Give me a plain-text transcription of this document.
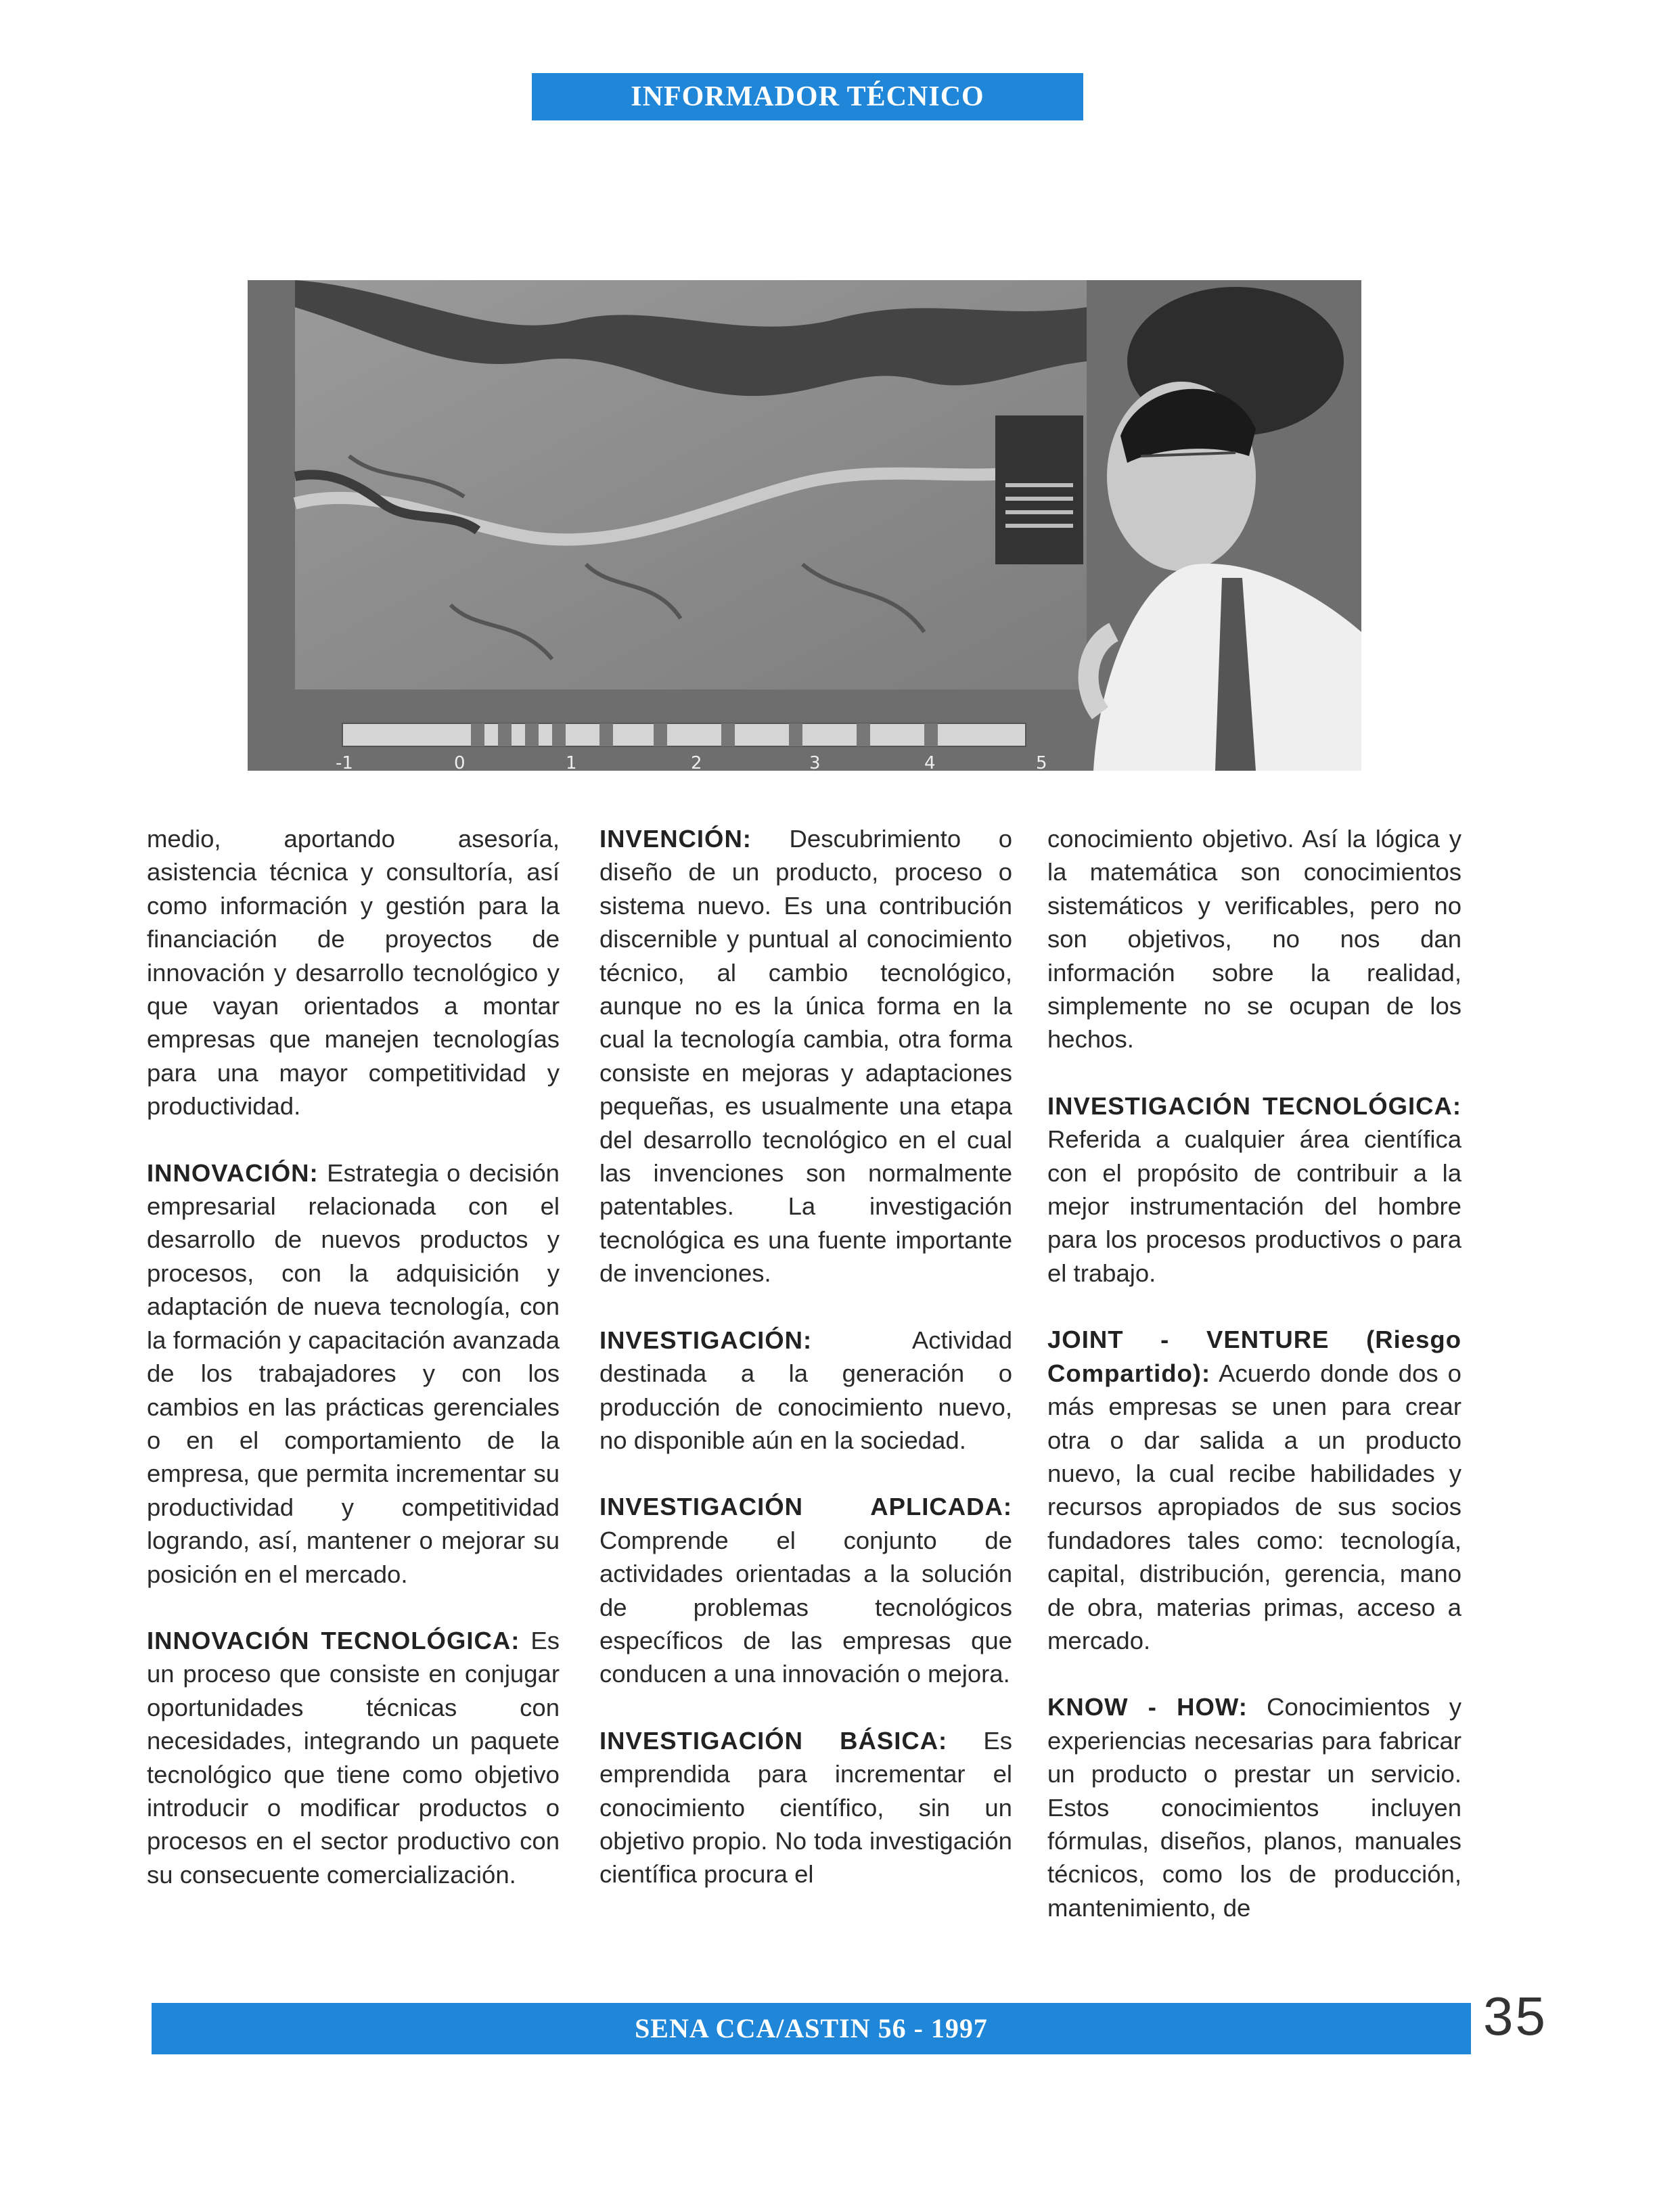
INFORMADOR TÉCNICO
-1	0	1	2	3	4	5

medio, aportando asesoría, asistencia técnica y consultoría, así como información y gestión para la financiación de proyectos de innovación y desarrollo tecnológico y que vayan orientados a montar empresas que manejen tecnologías para una mayor competitividad y productividad.

INNOVACIÓN: Estrategia o decisión empresarial relacionada con el desarrollo de nuevos productos y procesos, con la adquisición y adaptación de nueva tecnología, con la formación y capacitación avanzada de los trabajadores y con los cambios en las prácticas gerenciales o en el comportamiento de la empresa, que permita incrementar su productividad y competitividad logrando, así, mantener o mejorar su posición en el mercado.

INNOVACIÓN TECNOLÓGICA: Es un proceso que consiste en conjugar oportunidades técnicas con necesidades, integrando un paquete tecnológico que tiene como objetivo introducir o modificar productos o procesos en el sector productivo con su consecuente comercialización.

INVENCIÓN: Descubrimiento o diseño de un producto, proceso o sistema nuevo. Es una contribución discernible y puntual al conocimiento técnico, al cambio tecnológico, aunque no es la única forma en la cual la tecnología cambia, otra forma consiste en mejoras y adaptaciones pequeñas, es usualmente una etapa del desarrollo tecnológico en el cual las invenciones son normalmente patentables. La investigación tecnológica es una fuente importante de invenciones.

INVESTIGACIÓN:	Actividad destinada a la generación o producción de conocimiento nuevo, no disponible aún en la sociedad.

INVESTIGACIÓN APLICADA: Comprende el conjunto de actividades orientadas a la solución de problemas tecnológicos específicos de las empresas que conducen a una innovación o mejora.

INVESTIGACIÓN BÁSICA: Es emprendida para incrementar el conocimiento científico, sin un objetivo propio. No toda investigación científica procura el

conocimiento objetivo. Así la lógica y la matemática son conocimientos sistemáticos y verificables, pero no son objetivos, no nos dan información sobre la realidad, simplemente no se ocupan de los hechos.

INVESTIGACIÓN TECNOLÓGICA: Referida a cualquier área científica con el propósito de contribuir a la mejor instrumentación del hombre para los procesos productivos o para el trabajo.

JOINT - VENTURE (Riesgo Compartido): Acuerdo donde dos o más empresas se unen para crear otra o dar salida a un producto nuevo, la cual recibe habilidades y recursos apropiados de sus socios fundadores tales como: tecnología, capital, distribución, gerencia, mano de obra, materias primas, acceso a mercado.

KNOW - HOW: Conocimientos y experiencias necesarias para fabricar un producto o prestar un servicio. Estos conocimientos incluyen fórmulas, diseños, planos, manuales técnicos, como los de producción, mantenimiento, de

SENA CCA/ASTIN 56 - 1997	35
